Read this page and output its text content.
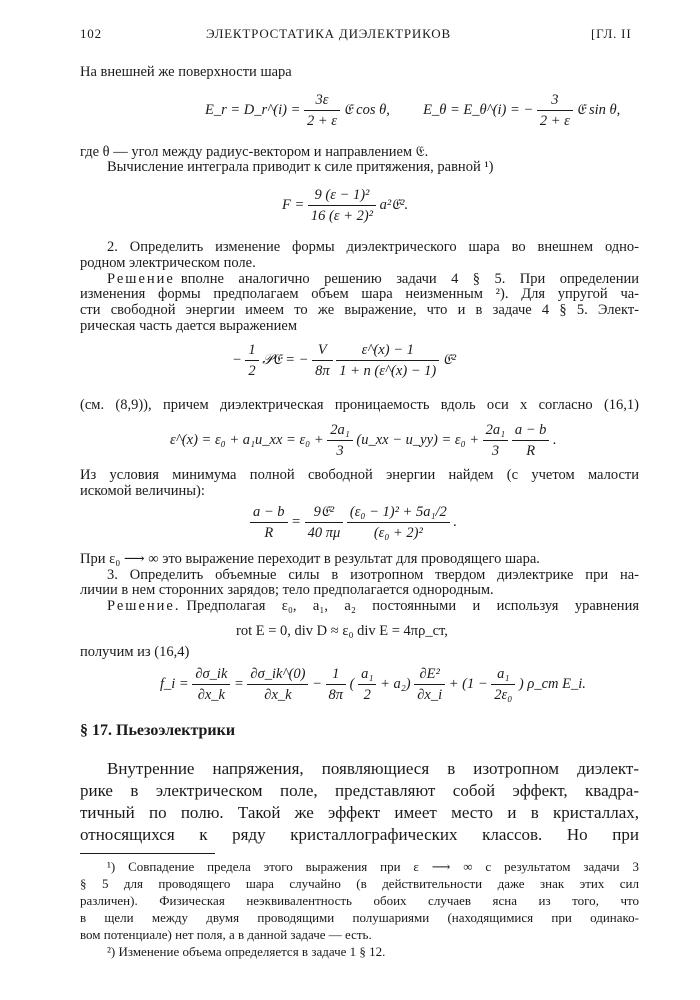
102	ЭЛЕКТРОСТАТИКА ДИЭЛЕКТРИКОВ	[ГЛ. II
На внешней же поверхности шара
E_r = D_r^(i) = $\frac{3\varepsilon}{2 + \varepsilon}$ 𝔈 cos θ, E_θ = E_θ^(i) = − $\frac{3}{2 + \varepsilon}$ 𝔈 sin θ,
где θ — угол между радиус-вектором и направлением 𝔈.
Вычисление интеграла приводит к силе притяжения, равной ¹)
$F = \frac{\text{9 (ε − 1)²}}{\text{16 (ε + 2)²}}$ a²𝔈².
2. Определить изменение формы диэлектрического шара во внешнем одно-
родном электрическом поле.
Решение вполне аналогично решению задачи 4 § 5. При определении
изменения формы предполагаем объем шара неизменным ²). Для упругой ча-
сти свободной энергии имеем то же выражение, что и в задаче 4 § 5. Элект-
рическая часть дается выражением
− $\frac{1}{2}$ 𝒫𝔈 = − $\frac{V}{8\pi}$
$\frac{\varepsilon\^{}(x) - 1}{1 + n (\varepsilon\^{}(x) - 1)}$ 𝔈²
(см. (8,9)), причем диэлектрическая проницаемость вдоль оси x согласно (16,1)
ε^(x) = ε₀ + a₁u_xx = $\varepsilon_0 + \frac{\text{2a₁}}{3}$ (u_xx − u_yy) = $\varepsilon_0 + \frac{\text{2a₁}}{3}$
$\frac{a - b}{R}$ .
Из условия минимума полной свободной энергии найдем (с учетом малости
искомой величины):
$\frac{a - b}{R} = \frac{\text{9𝔈²}}{40 \pi\mu}$
$\frac{\text{(ε₀ − 1)² + 5a₁/2}}{\text{(ε₀ + 2)²}}$ .
При ε₀ ⟶ ∞ это выражение переходит в результат для проводящего шара.
3. Определить объемные силы в изотропном твердом диэлектрике при на-
личии в нем сторонних зарядов; тело предполагается однородным.
Решение. Предполагая ε₀, a₁, a₂ постоянными и используя уравнения
rot E = 0, div D ≈ ε₀ div E = 4πρ_ст,
получим из (16,4)
f_i = $\frac{\partial\sigma\_ik}{\partial x\_k} = \frac{\partial\sigma\_ik\^{}(0)}{\partial x\_k} - \frac{1}{8\pi}$ ( $\frac{\text{a₁}}{2} + a_2) \frac{\text{∂E²}}{\partial x\_i} + (1 - \frac{\text{a₁}}{\text{2ε₀}}$ ) ρ_ст E_i.
§ 17. Пьезоэлектрики
Внутренние напряжения, появляющиеся в изотропном диэлект-
рике в электрическом поле, представляют собой эффект, квадра-
тичный по полю. Такой же эффект имеет место и в кристаллах,
относящихся к ряду кристаллографических классов. Но при
¹) Совпадение предела этого выражения при ε ⟶ ∞ с результатом задачи 3
§ 5 для проводящего шара случайно (в действительности даже знак этих сил
различен). Физическая неэквивалентность обоих случаев ясна из того, что
в щели между двумя проводящими полушариями (находящимися при одинако-
вом потенциале) нет поля, а в данной задаче — есть.
²) Изменение объема определяется в задаче 1 § 12.
